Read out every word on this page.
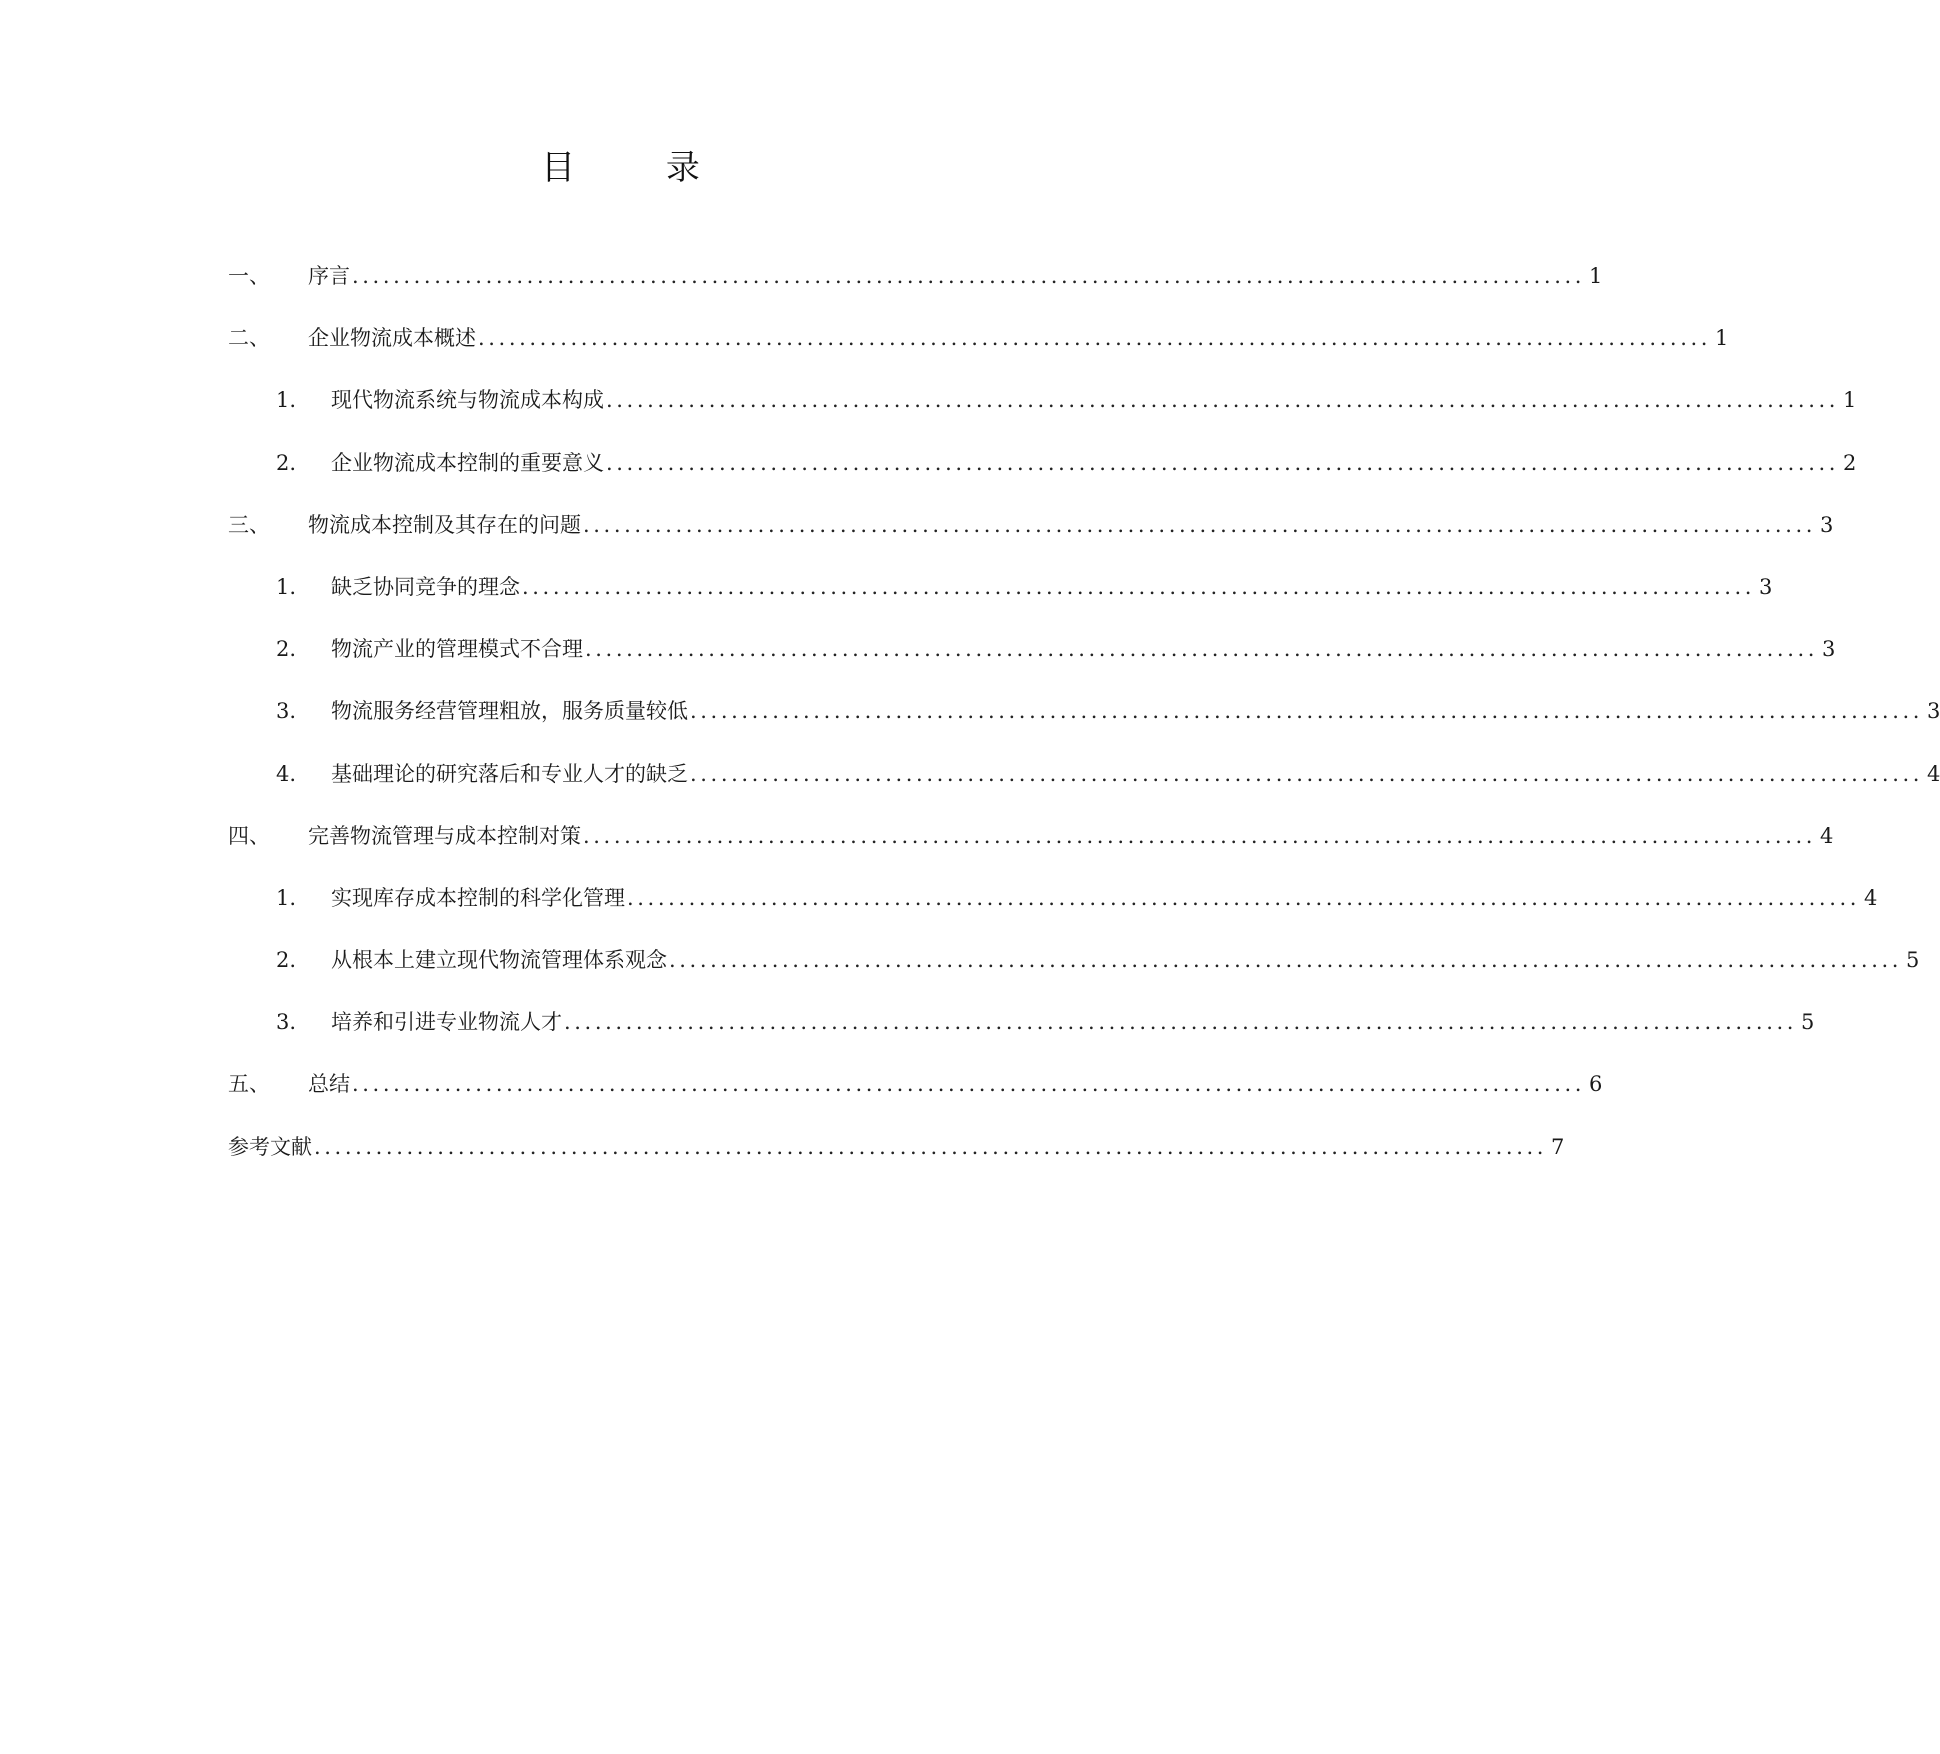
目 录
一、	序言 ........................................................................................................................ 1
二、	企业物流成本概述 ........................................................................................................................ 1
1.	现代物流系统与物流成本构成 ........................................................................................................................ 1
2.	企业物流成本控制的重要意义 ........................................................................................................................ 2
三、	物流成本控制及其存在的问题 ........................................................................................................................ 3
1.	缺乏协同竞争的理念 ........................................................................................................................ 3
2.	物流产业的管理模式不合理 ........................................................................................................................ 3
3.	物流服务经营管理粗放，服务质量较低 ........................................................................................................................ 3
4.	基础理论的研究落后和专业人才的缺乏 ........................................................................................................................ 4
四、	完善物流管理与成本控制对策 ........................................................................................................................ 4
1.	实现库存成本控制的科学化管理 ........................................................................................................................ 4
2.	从根本上建立现代物流管理体系观念 ........................................................................................................................ 5
3.	培养和引进专业物流人才 ........................................................................................................................ 5
五、	总结 ........................................................................................................................ 6
参考文献 ........................................................................................................................ 7
